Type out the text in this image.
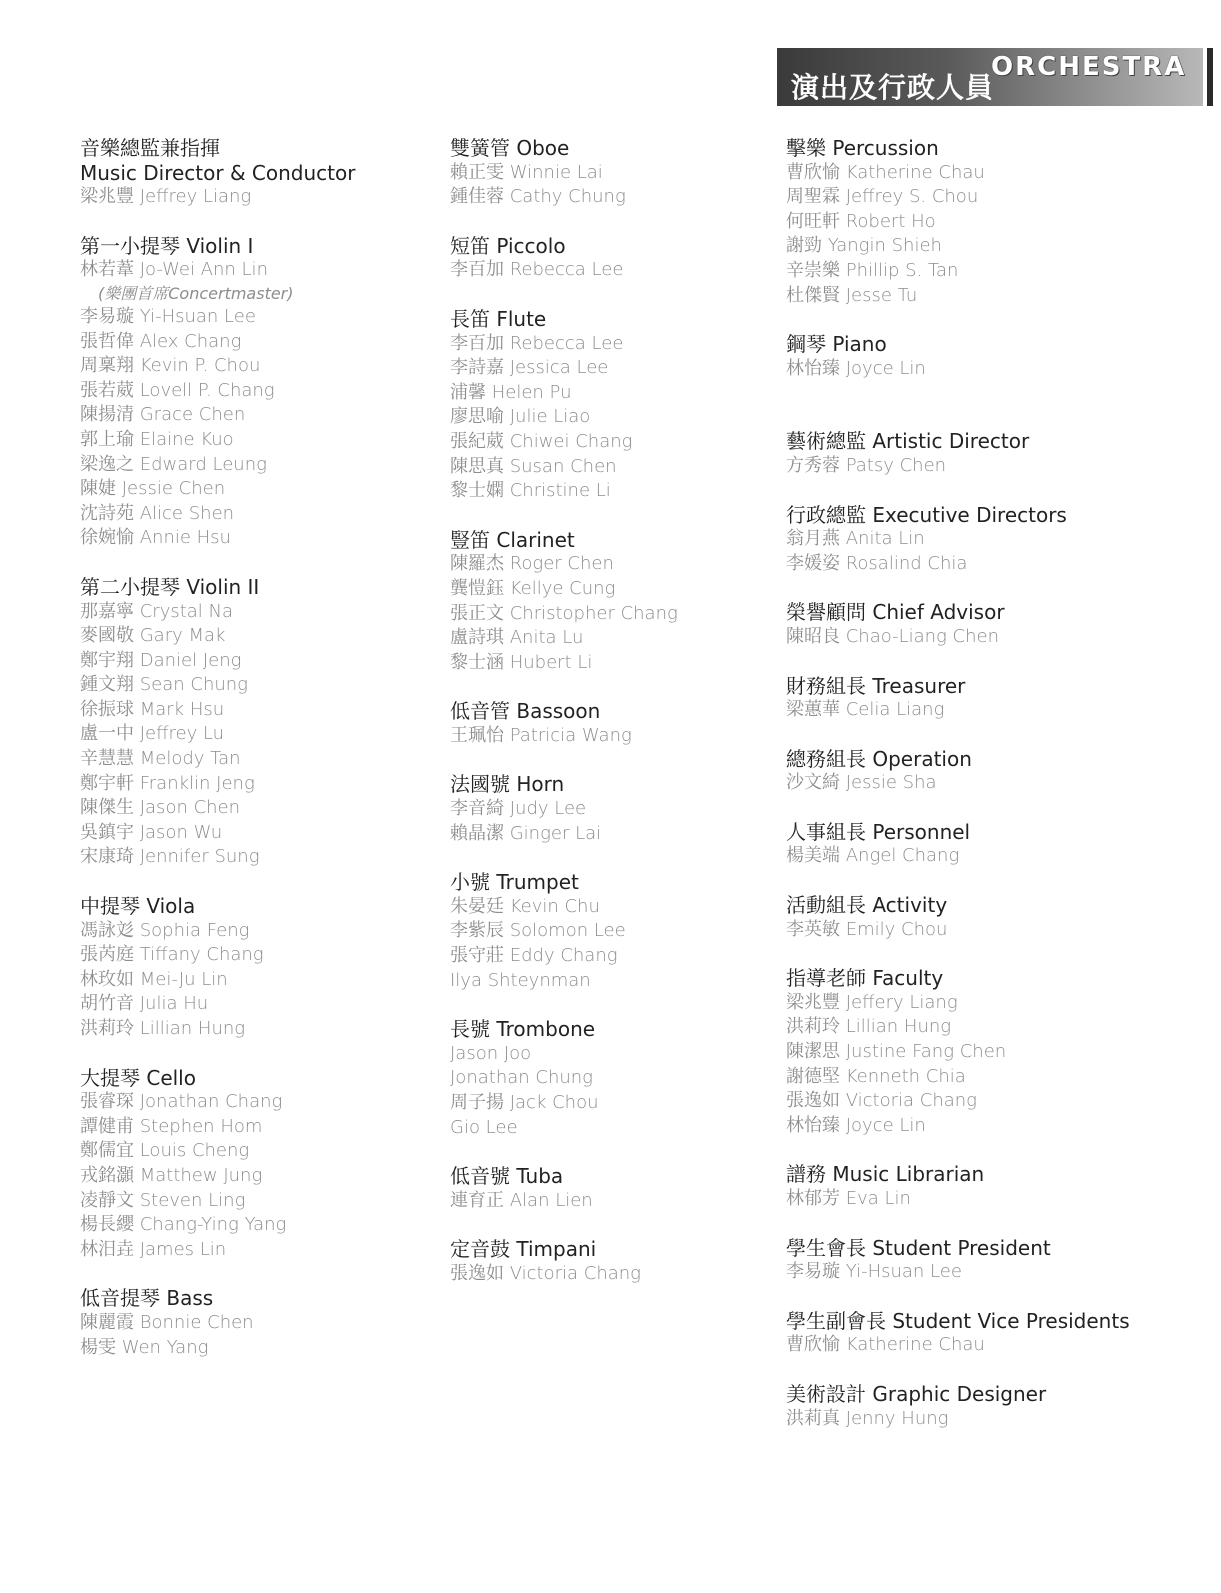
演出及行政人員
ORCHESTRA
音樂總監兼指揮
Music Director & Conductor
梁兆豐 Jeffrey Liang
第一小提琴 Violin I
林若葦 Jo-Wei Ann Lin
(樂團首席Concertmaster)
李易璇 Yi-Hsuan Lee
張哲偉 Alex Chang
周稟翔 Kevin P. Chou
張若葳 Lovell P. Chang
陳揚清 Grace Chen
郭上瑜 Elaine Kuo
梁逸之 Edward Leung
陳婕 Jessie Chen
沈詩苑 Alice Shen
徐婉愉 Annie Hsu
第二小提琴 Violin II
那嘉寧 Crystal Na
麥國敬 Gary Mak
鄭宇翔 Daniel Jeng
鍾文翔 Sean Chung
徐振球 Mark Hsu
盧一中 Jeffrey Lu
辛慧慧 Melody Tan
鄭宇軒 Franklin Jeng
陳傑生 Jason Chen
吳鎮宇 Jason Wu
宋康琦 Jennifer Sung
中提琴 Viola
馮詠彣 Sophia Feng
張芮庭 Tiffany Chang
林玫如 Mei-Ju Lin
胡竹音 Julia Hu
洪莉玲 Lillian Hung
大提琴 Cello
張睿琛 Jonathan Chang
譚健甫 Stephen Hom
鄭儒宜 Louis Cheng
戎銘灝 Matthew Jung
凌靜文 Steven Ling
楊長纓 Chang-Ying Yang
林汨垚 James Lin
低音提琴 Bass
陳麗霞 Bonnie Chen
楊雯 Wen Yang
雙簧管 Oboe
賴正雯 Winnie Lai
鍾佳蓉 Cathy Chung
短笛 Piccolo
李百加 Rebecca Lee
長笛 Flute
李百加 Rebecca Lee
李詩嘉 Jessica Lee
浦馨 Helen Pu
廖思喻 Julie Liao
張紀葳 Chiwei Chang
陳思真 Susan Chen
黎士嫻 Christine Li
豎笛 Clarinet
陳羅杰 Roger Chen
龔愷鈺 Kellye Cung
張正文 Christopher Chang
盧詩琪 Anita Lu
黎士涵 Hubert Li
低音管 Bassoon
王珮怡 Patricia Wang
法國號 Horn
李音綺 Judy Lee
賴晶潔 Ginger Lai
小號 Trumpet
朱晏廷 Kevin Chu
李紫辰 Solomon Lee
張守莊 Eddy Chang
Ilya Shteynman
長號 Trombone
Jason Joo
Jonathan Chung
周子揚 Jack Chou
Gio Lee
低音號 Tuba
連育正 Alan Lien
定音鼓 Timpani
張逸如 Victoria Chang
擊樂 Percussion
曹欣愉 Katherine Chau
周聖霖 Jeffrey S. Chou
何旺軒 Robert Ho
謝勁 Yangin Shieh
辛崇樂 Phillip S. Tan
杜傑賢 Jesse Tu
鋼琴 Piano
林怡臻 Joyce Lin
藝術總監 Artistic Director
方秀蓉 Patsy Chen
行政總監 Executive Directors
翁月燕 Anita Lin
李媛姿 Rosalind Chia
榮譽顧問 Chief Advisor
陳昭良 Chao-Liang Chen
財務組長 Treasurer
梁蕙華 Celia Liang
總務組長 Operation
沙文綺 Jessie Sha
人事組長 Personnel
楊美端 Angel Chang
活動組長 Activity
李英敏 Emily Chou
指導老師 Faculty
梁兆豐 Jeffery Liang
洪莉玲 Lillian Hung
陳潔思 Justine Fang Chen
謝德堅 Kenneth Chia
張逸如 Victoria Chang
林怡臻 Joyce Lin
譜務 Music Librarian
林郁芳 Eva Lin
學生會長 Student President
李易璇 Yi-Hsuan Lee
學生副會長 Student Vice Presidents
曹欣愉 Katherine Chau
美術設計 Graphic Designer
洪莉真 Jenny Hung
